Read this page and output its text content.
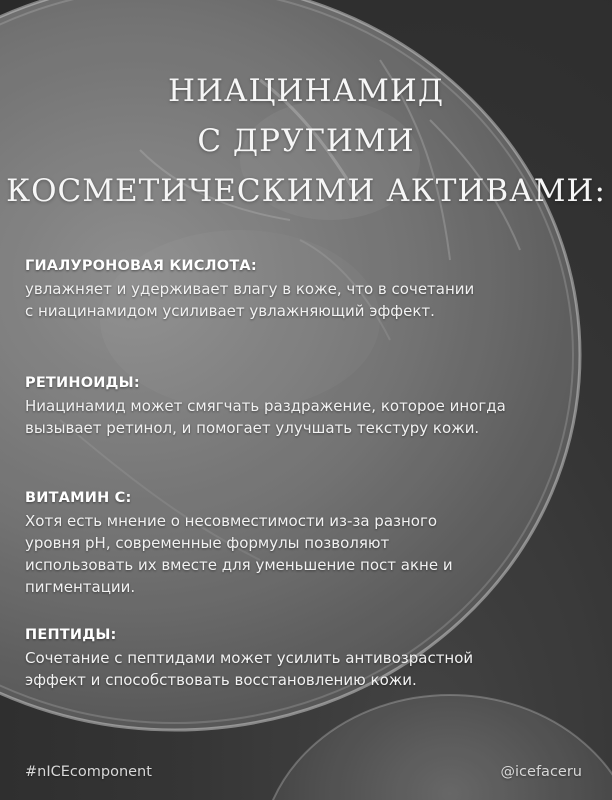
НИАЦИНАМИД
С ДРУГИМИ
КОСМЕТИЧЕСКИМИ АКТИВАМИ:
ГИАЛУРОНОВАЯ КИСЛОТА:

увлажняет и удерживает влагу в коже, что в сочетании
с ниацинамидом усиливает увлажняющий эффект.

РЕТИНОИДЫ:

Ниацинамид может смягчать раздражение, которое иногда
вызывает ретинол, и помогает улучшать текстуру кожи.

ВИТАМИН С:

Хотя есть мнение о несовместимости из-за разного
уровня pH, современные формулы позволяют
использовать их вместе для уменьшение пост акне и
пигментации.

ПЕПТИДЫ:

Сочетание с пептидами может усилить антивозрастной
эффект и способствовать восстановлению кожи.

#nICEcomponent	@icefaceru
